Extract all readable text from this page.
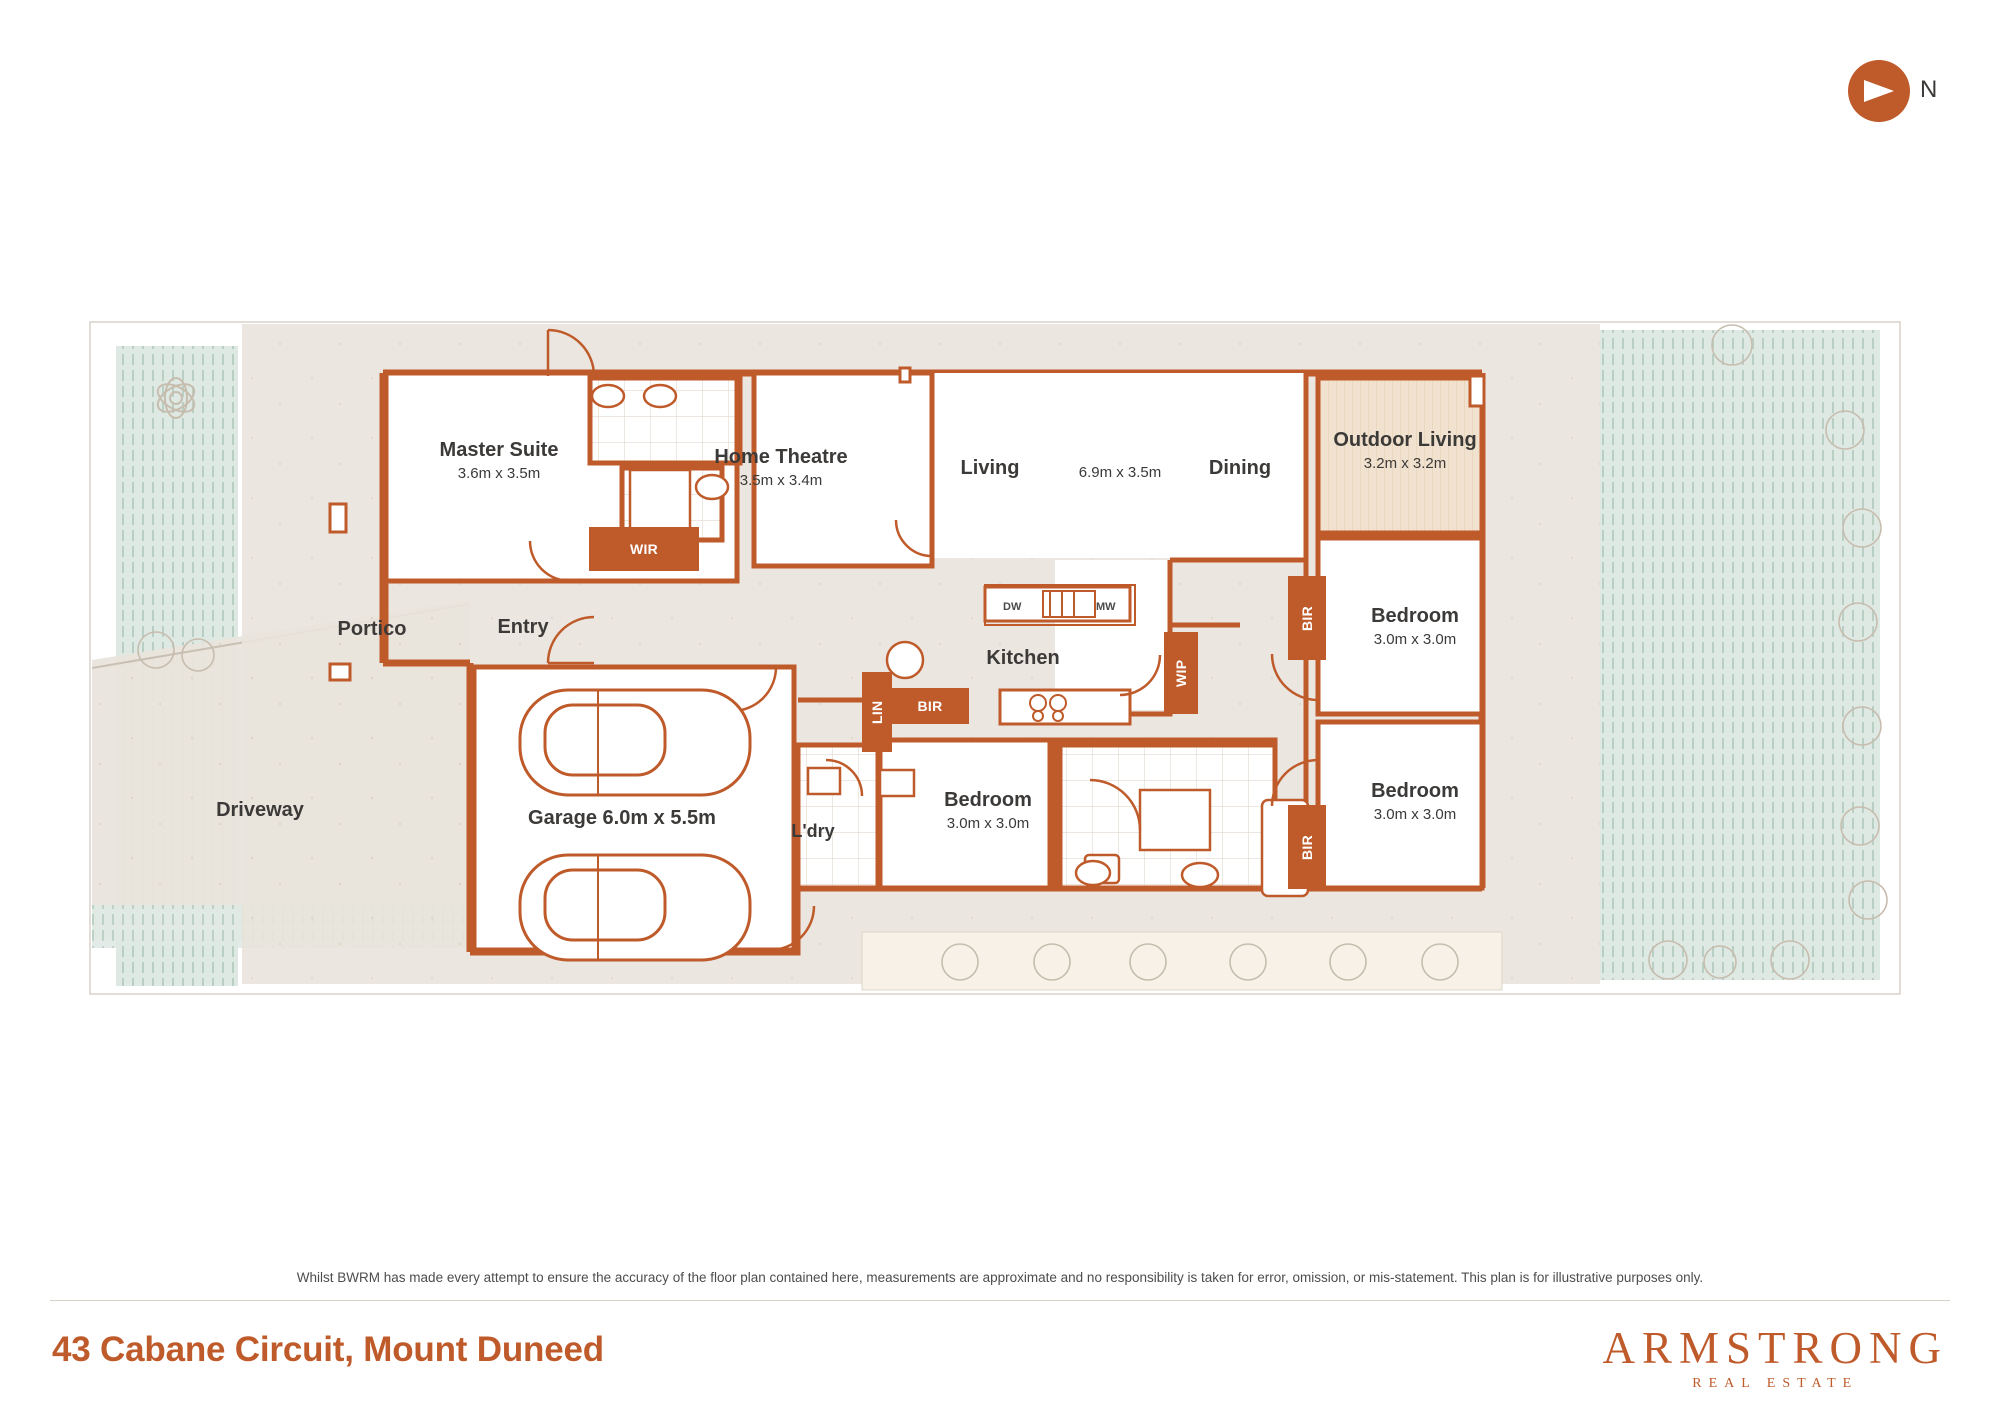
Master Suite
3.6m x 3.5m
Home Theatre
3.5m x 3.4m
Living	6.9m x 3.5m	Dining
Outdoor Living
3.2m x 3.2m
Bedroom
3.0m x 3.0m
Bedroom
3.0m x 3.0m
Bedroom
3.0m x 3.0m
Kitchen
Entry
Portico
Driveway	Garage 6.0m x 5.5m
L'dry
WIR
BIR
BIR
BIR
LIN
WIP
DW	MW
N
Whilst BWRM has made every attempt to ensure the accuracy of the floor plan contained here, measurements are approximate and no responsibility is taken for error, omission, or mis-statement. This plan is for illustrative purposes only.
43 Cabane Circuit, Mount Duneed	ARMSTRONG
REAL ESTATE
